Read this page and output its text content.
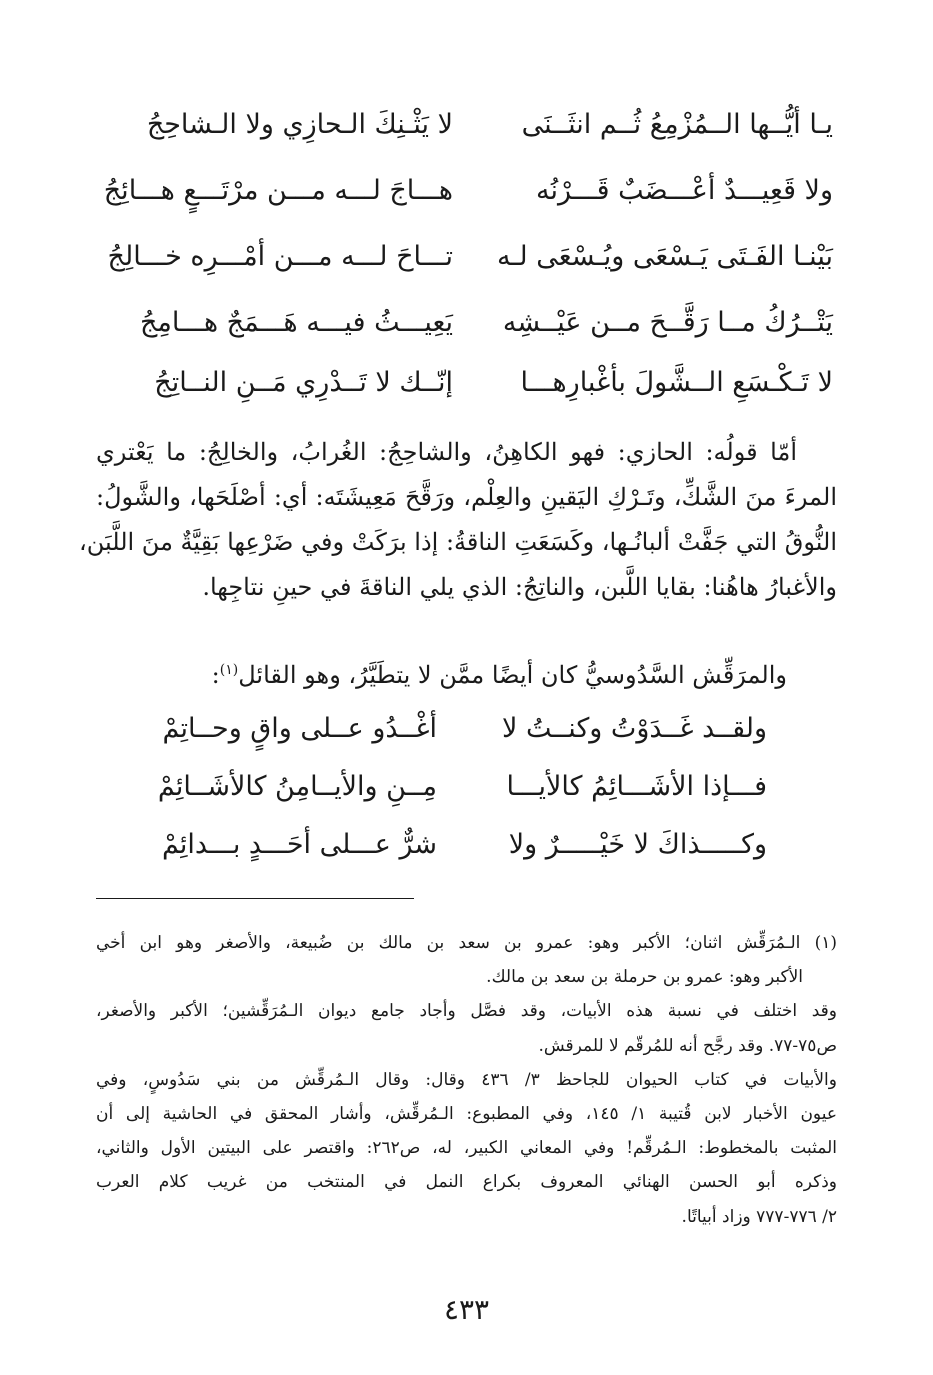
يـا أيُّــها الــمُزْمِعُ ثُــم انثَــنَى
لا يَثْـنِكَ الـحازِي ولا الـشاحِجُ
ولا قَعِيـــدٌ أعْـــضَبٌ قَـــرْنُه
هـــاجَ لـــه مـــن مرْتَـــعٍ هـــائِجُ
بَيْنـا الفَـتَى يَـسْعَى ويُـسْعَى لـه
تـــاحَ لـــه مـــن أمْـــرِه خـــالِجُ
يَتْــرُكُ مــا رَقَّــحَ مــن عَيْــشِه
يَعِيـــثُ فيـــه هَـــمَجٌ هـــامِجُ
لا تَـكْـسَعِ الــشَّولَ بأغْبارِهـــا
إنّــك لا تَــدْرِي مَــنِ النــاتِجُ
أمّا قولُه: الحازي: فهو الكاهِنُ، والشاحِجُ: الغُرابُ، والخالِجُ: ما يَعْتري
المرءَ منَ الشَّكِّ، وتَـرْكِ اليَقينِ والعِلْم، ورَقَّحَ مَعِيشَتَه: أي: أصْلَحَها، والشَّولُ:
النُّوقُ التي جَفَّتْ ألبانُـها، وكَسَعَتِ الناقةُ: إذا برَكَتْ وفي ضَرْعِها بَقِيَّةٌ منَ اللَّبَن،
والأغبارُ هاهُنا: بقايا اللَّبن، والناتِجُ: الذي يلي الناقةَ في حينِ نتاجِها.
والمرَقِّش السَّدُوسيُّ كان أيضًا ممَّن لا يتطَيَّرُ، وهو القائل$^{(١)}$:
ولقــد غَــدَوْتُ وكنــتُ لا
أغْــدُو عــلى واقٍ وحــاتِمْ
فـــإذا الأشَـــائِمُ كالأيـــا
مِــنِ والأيــامِنُ كالأشَــائِمْ
وكـــــذاكَ لا خَيْـــــرٌ ولا
شرٌّ عـــلى أحَـــدٍ بـــدائِمْ
(١) الـمُرَقِّش اثنان؛ الأكبر وهو: عمرو بن سعد بن مالك بن ضُبيعة، والأصغر وهو ابن أخي
الأكبر وهو: عمرو بن حرملة بن سعد بن مالك.
وقد اختلف في نسبة هذه الأبيات، وقد فصَّل وأجاد جامع ديوان الـمُرَقِّشين؛ الأكبر والأصغر،
ص٧٥-٧٧. وقد رجَّح أنه للمُرقّم لا للمرقش.
والأبيات في كتاب الحيوان للجاحظ ٣/ ٤٣٦ وقال: وقال الـمُرقِّش من بني سَدُوسٍ، وفي
عيون الأخبار لابن قُتيبة ١/ ١٤٥، وفي المطبوع: الـمُرقِّش، وأشار المحقق في الحاشية إلى أن
المثبت بالمخطوط: الـمُرقِّم! وفي المعاني الكبير، له، ص٢٦٢: واقتصر على البيتين الأول والثاني،
وذكره أبو الحسن الهنائي المعروف بكراع النمل في المنتخب من غريب كلام العرب
٢/ ٧٧٦-٧٧٧ وزاد أبياتًا.
٤٣٣
